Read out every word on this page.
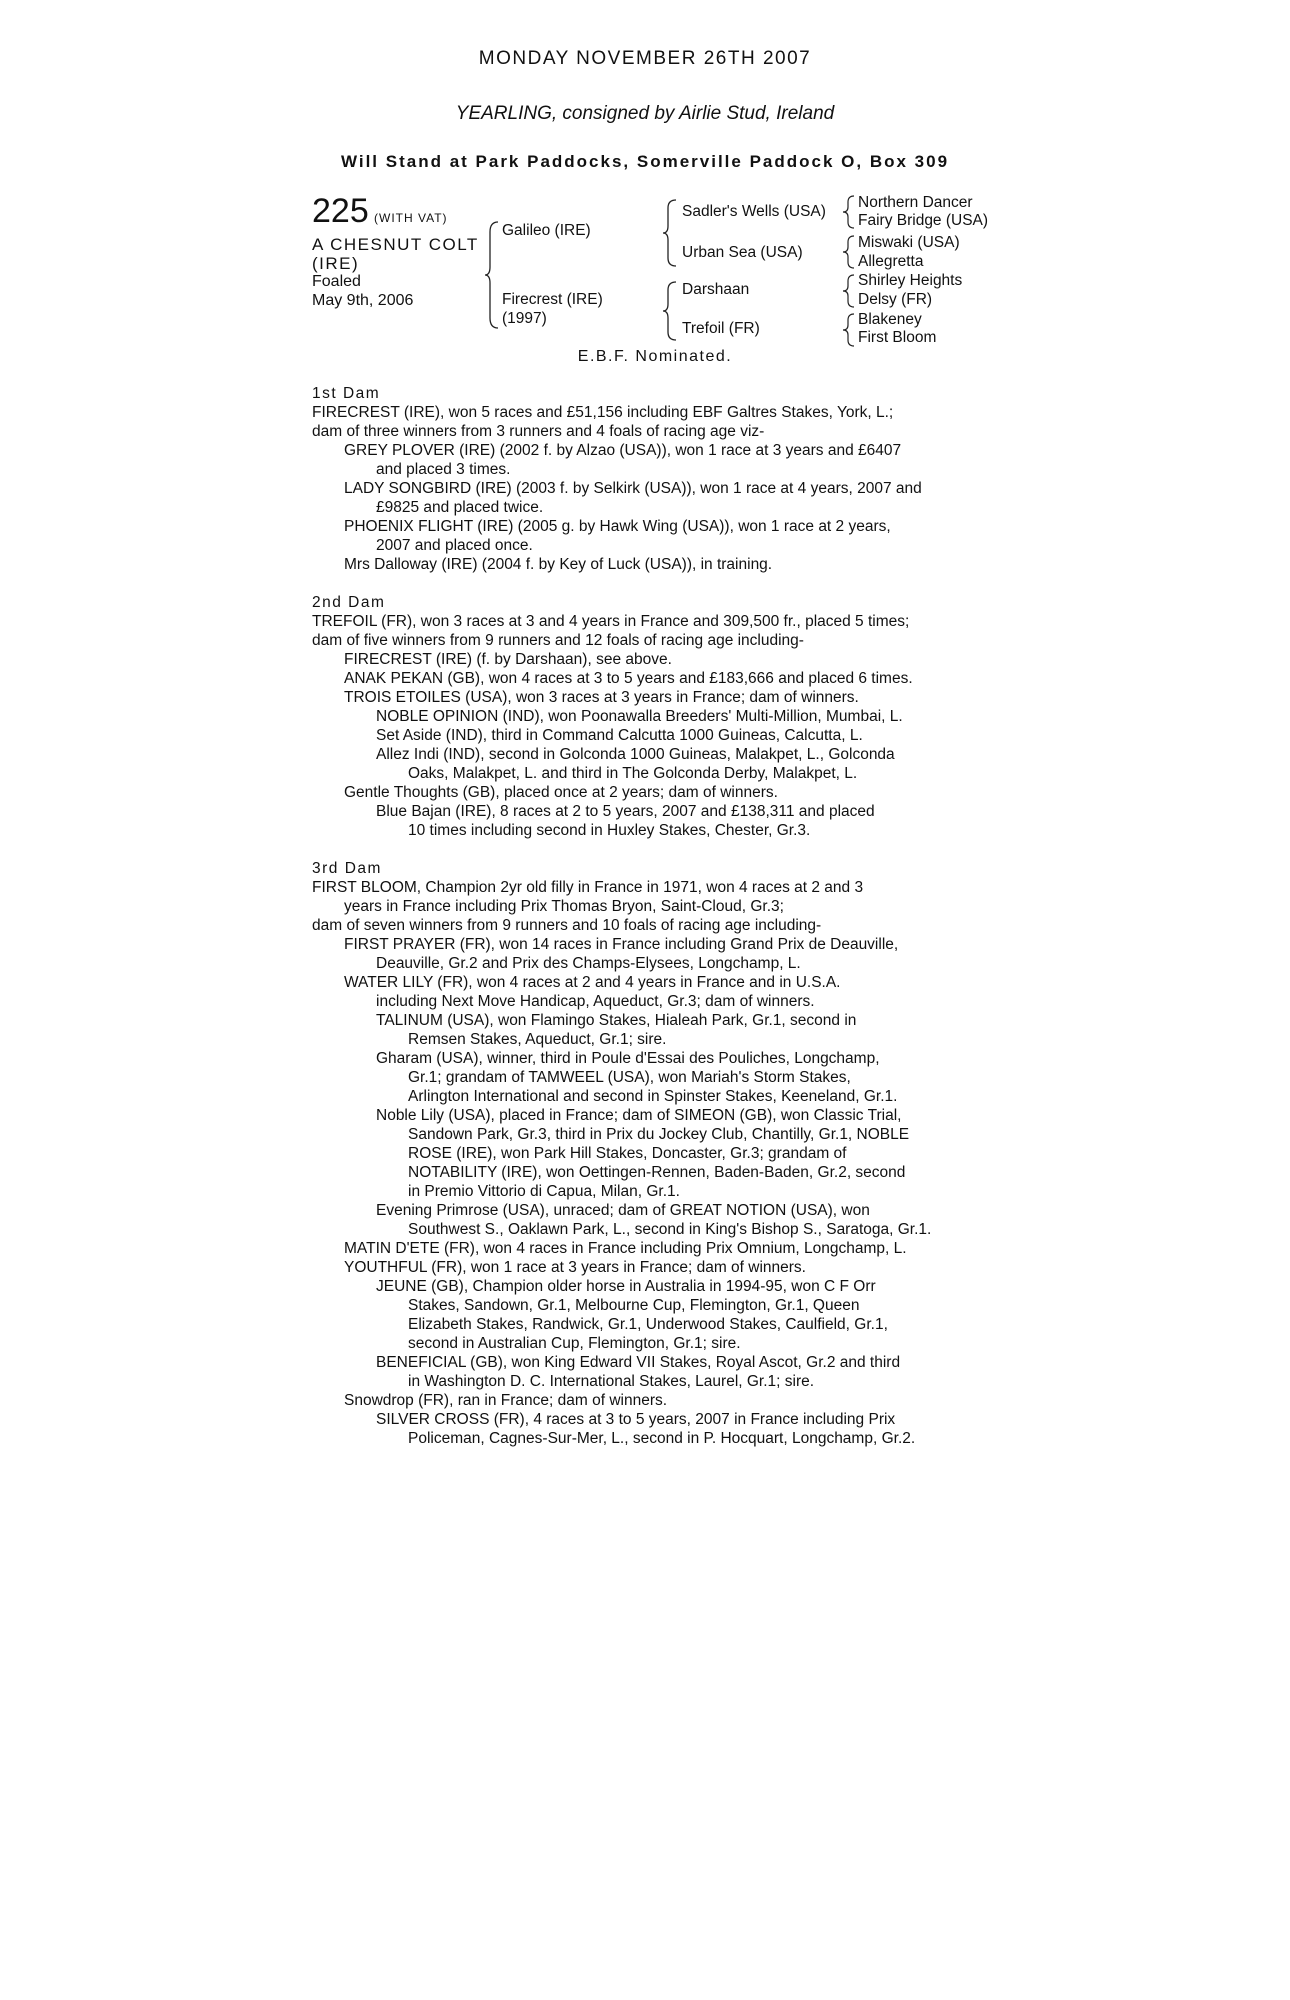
MONDAY NOVEMBER 26TH 2007
YEARLING, consigned by Airlie Stud, Ireland
Will Stand at Park Paddocks, Somerville Paddock O, Box 309
225 (WITH VAT)
A CHESNUT COLT
(IRE)
Foaled
May 9th, 2006
Galileo (IRE)
Firecrest (IRE)
(1997)
Sadler's Wells (USA)
Urban Sea (USA)
Darshaan
Trefoil (FR)
Northern Dancer
Fairy Bridge (USA)
Miswaki (USA)
Allegretta
Shirley Heights
Delsy (FR)
Blakeney
First Bloom
E.B.F. Nominated.
1st Dam
FIRECREST (IRE), won 5 races and £51,156 including EBF Galtres Stakes, York, L.;
dam of three winners from 3 runners and 4 foals of racing age viz-
GREY PLOVER (IRE) (2002 f. by Alzao (USA)), won 1 race at 3 years and £6407
and placed 3 times.
LADY SONGBIRD (IRE) (2003 f. by Selkirk (USA)), won 1 race at 4 years, 2007 and
£9825 and placed twice.
PHOENIX FLIGHT (IRE) (2005 g. by Hawk Wing (USA)), won 1 race at 2 years,
2007 and placed once.
Mrs Dalloway (IRE) (2004 f. by Key of Luck (USA)), in training.
2nd Dam
TREFOIL (FR), won 3 races at 3 and 4 years in France and 309,500 fr., placed 5 times;
dam of five winners from 9 runners and 12 foals of racing age including-
FIRECREST (IRE) (f. by Darshaan), see above.
ANAK PEKAN (GB), won 4 races at 3 to 5 years and £183,666 and placed 6 times.
TROIS ETOILES (USA), won 3 races at 3 years in France; dam of winners.
NOBLE OPINION (IND), won Poonawalla Breeders' Multi-Million, Mumbai, L.
Set Aside (IND), third in Command Calcutta 1000 Guineas, Calcutta, L.
Allez Indi (IND), second in Golconda 1000 Guineas, Malakpet, L., Golconda
Oaks, Malakpet, L. and third in The Golconda Derby, Malakpet, L.
Gentle Thoughts (GB), placed once at 2 years; dam of winners.
Blue Bajan (IRE), 8 races at 2 to 5 years, 2007 and £138,311 and placed
10 times including second in Huxley Stakes, Chester, Gr.3.
3rd Dam
FIRST BLOOM, Champion 2yr old filly in France in 1971, won 4 races at 2 and 3
years in France including Prix Thomas Bryon, Saint-Cloud, Gr.3;
dam of seven winners from 9 runners and 10 foals of racing age including-
FIRST PRAYER (FR), won 14 races in France including Grand Prix de Deauville,
Deauville, Gr.2 and Prix des Champs-Elysees, Longchamp, L.
WATER LILY (FR), won 4 races at 2 and 4 years in France and in U.S.A.
including Next Move Handicap, Aqueduct, Gr.3; dam of winners.
TALINUM (USA), won Flamingo Stakes, Hialeah Park, Gr.1, second in
Remsen Stakes, Aqueduct, Gr.1; sire.
Gharam (USA), winner, third in Poule d'Essai des Pouliches, Longchamp,
Gr.1; grandam of TAMWEEL (USA), won Mariah's Storm Stakes,
Arlington International and second in Spinster Stakes, Keeneland, Gr.1.
Noble Lily (USA), placed in France; dam of SIMEON (GB), won Classic Trial,
Sandown Park, Gr.3, third in Prix du Jockey Club, Chantilly, Gr.1, NOBLE
ROSE (IRE), won Park Hill Stakes, Doncaster, Gr.3; grandam of
NOTABILITY (IRE), won Oettingen-Rennen, Baden-Baden, Gr.2, second
in Premio Vittorio di Capua, Milan, Gr.1.
Evening Primrose (USA), unraced; dam of GREAT NOTION (USA), won
Southwest S., Oaklawn Park, L., second in King's Bishop S., Saratoga, Gr.1.
MATIN D'ETE (FR), won 4 races in France including Prix Omnium, Longchamp, L.
YOUTHFUL (FR), won 1 race at 3 years in France; dam of winners.
JEUNE (GB), Champion older horse in Australia in 1994-95, won C F Orr
Stakes, Sandown, Gr.1, Melbourne Cup, Flemington, Gr.1, Queen
Elizabeth Stakes, Randwick, Gr.1, Underwood Stakes, Caulfield, Gr.1,
second in Australian Cup, Flemington, Gr.1; sire.
BENEFICIAL (GB), won King Edward VII Stakes, Royal Ascot, Gr.2 and third
in Washington D. C. International Stakes, Laurel, Gr.1; sire.
Snowdrop (FR), ran in France; dam of winners.
SILVER CROSS (FR), 4 races at 3 to 5 years, 2007 in France including Prix
Policeman, Cagnes-Sur-Mer, L., second in P. Hocquart, Longchamp, Gr.2.
